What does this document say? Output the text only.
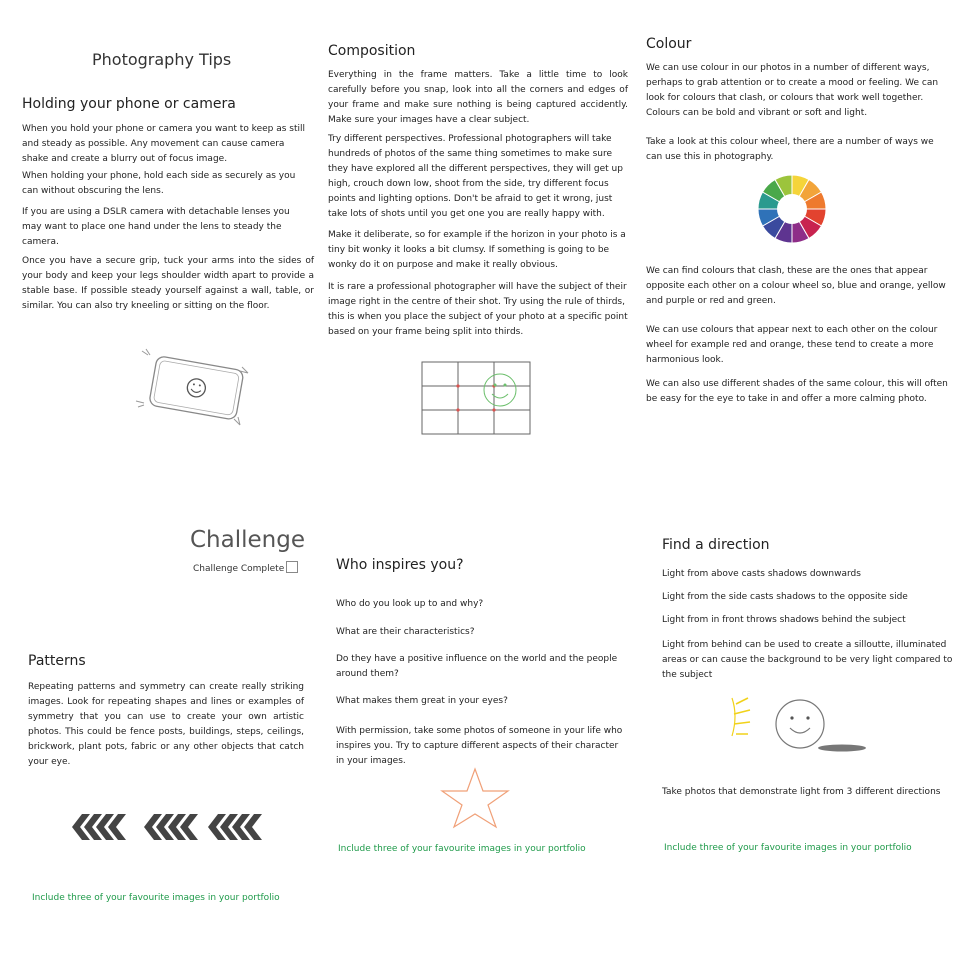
Photography Tips
Holding your phone or camera
When you hold your phone or camera you want to keep as still and steady as possible. Any movement can cause camera shake and create a blurry out of focus image.
When holding your phone, hold each side as securely as you can without obscuring the lens.
If you are using a DSLR camera with detachable lenses you may want to place one hand under the lens to steady the camera.
Once you have a secure grip, tuck your arms into the sides of your body and keep your legs shoulder width apart to provide a stable base. If possible steady yourself against a wall, table, or similar. You can also try kneeling or sitting on the floor.
Composition
Everything in the frame matters. Take a little time to look carefully before you snap, look into all the corners and edges of your frame and make sure nothing is being captured accidently. Make sure your images have a clear subject.
Try different perspectives. Professional photographers will take hundreds of photos of the same thing sometimes to make sure they have explored all the different perspectives, they will get up high, crouch down low, shoot from the side, try different focus points and lighting options. Don't be afraid to get it wrong, just take lots of shots until you get one you are really happy with.
Make it deliberate, so for example if the horizon in your photo is a tiny bit wonky it looks a bit clumsy. If something is going to be wonky do it on purpose and make it really obvious.
It is rare a professional photographer will have the subject of their image right in the centre of their shot. Try using the rule of thirds, this is when you place the subject of your photo at a specific point based on your frame being split into thirds.
Colour
We can use colour in our photos in a number of different ways, perhaps to grab attention or to create a mood or feeling. We can look for colours that clash, or colours that work well together. Colours can be bold and vibrant or soft and light.
Take a look at this colour wheel, there are a number of ways we can use this in photography.
We can find colours that clash, these are the ones that appear opposite each other on a colour wheel so, blue and orange, yellow and purple or red and green.
We can use colours that appear next to each other on the colour wheel for example red and orange, these tend to create a more harmonious look.
We can also use different shades of the same colour, this will often be easy for the eye to take in and offer a more calming photo.
Challenge
Challenge Complete
Patterns
Repeating patterns and symmetry can create really striking images. Look for repeating shapes and lines or examples of symmetry that you can use to create your own artistic photos. This could be fence posts, buildings, steps, ceilings, brickwork, plant pots, fabric or any other objects that catch your eye.
Include three of your favourite images in your portfolio
Who inspires you?
Who do you look up to and why?
What are their characteristics?
Do they have a positive influence on the world and the people around them?
What makes them great in your eyes?
With permission, take some photos of someone in your life who inspires you. Try to capture different aspects of their character in your images.
Include three of your favourite images in your portfolio
Find a direction
Light from above casts shadows downwards
Light from the side casts shadows to the opposite side
Light from in front throws shadows behind the subject
Light from behind can be used to create a silloutte, illuminated areas or can cause the background to be very light compared to the subject
Take photos that demonstrate light from 3 different directions
Include three of your favourite images in your portfolio
